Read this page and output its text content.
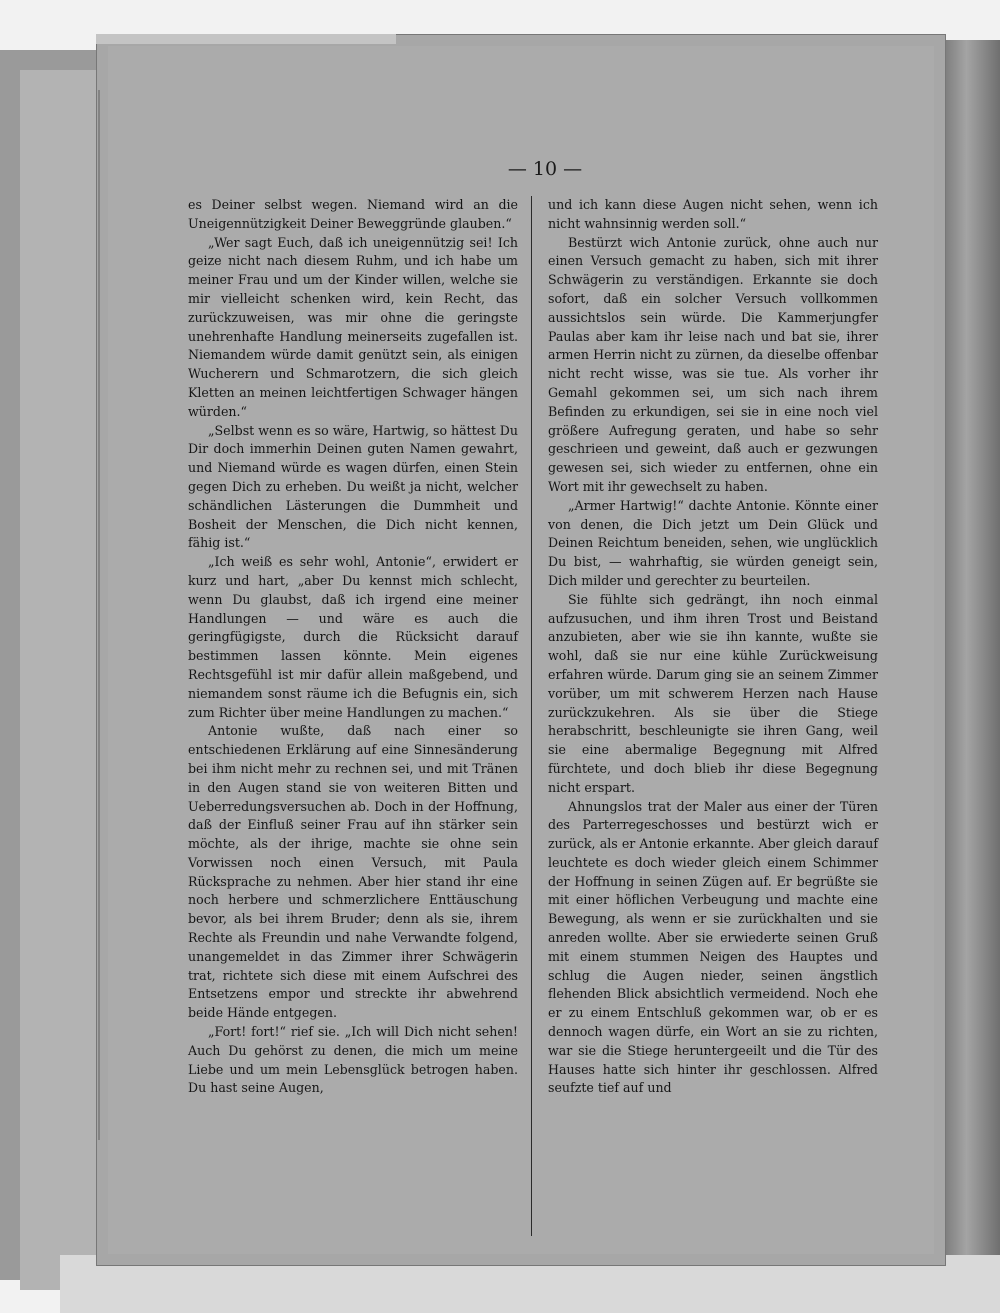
— 10 —

es Deiner selbst wegen. Niemand wird an die Uneigennützigkeit Deiner Beweggründe glauben.“

„Wer sagt Euch, daß ich uneigennützig sei! Ich geize nicht nach diesem Ruhm, und ich habe um meiner Frau und um der Kinder willen, welche sie mir vielleicht schenken wird, kein Recht, das zurückzuweisen, was mir ohne die geringste unehrenhafte Handlung meinerseits zugefallen ist. Niemandem würde damit genützt sein, als einigen Wucherern und Schmarotzern, die sich gleich Kletten an meinen leichtfertigen Schwager hängen würden.“

„Selbst wenn es so wäre, Hartwig, so hättest Du Dir doch immerhin Deinen guten Namen gewahrt, und Niemand würde es wagen dürfen, einen Stein gegen Dich zu erheben. Du weißt ja nicht, welcher schändlichen Lästerungen die Dummheit und Bosheit der Menschen, die Dich nicht kennen, fähig ist.“

„Ich weiß es sehr wohl, Antonie“, erwidert er kurz und hart, „aber Du kennst mich schlecht, wenn Du glaubst, daß ich irgend eine meiner Handlungen — und wäre es auch die geringfügigste, durch die Rücksicht darauf bestimmen lassen könnte. Mein eigenes Rechtsgefühl ist mir dafür allein maßgebend, und niemandem sonst räume ich die Befugnis ein, sich zum Richter über meine Handlungen zu machen.“

Antonie wußte, daß nach einer so entschiedenen Erklärung auf eine Sinnesänderung bei ihm nicht mehr zu rechnen sei, und mit Tränen in den Augen stand sie von weiteren Bitten und Ueberredungsversuchen ab. Doch in der Hoffnung, daß der Einfluß seiner Frau auf ihn stärker sein möchte, als der ihrige, machte sie ohne sein Vorwissen noch einen Versuch, mit Paula Rücksprache zu nehmen. Aber hier stand ihr eine noch herbere und schmerzlichere Enttäuschung bevor, als bei ihrem Bruder; denn als sie, ihrem Rechte als Freundin und nahe Verwandte folgend, unangemeldet in das Zimmer ihrer Schwägerin trat, richtete sich diese mit einem Aufschrei des Entsetzens empor und streckte ihr abwehrend beide Hände entgegen.

„Fort! fort!“ rief sie. „Ich will Dich nicht sehen! Auch Du gehörst zu denen, die mich um meine Liebe und um mein Lebensglück betrogen haben. Du hast seine Augen,

und ich kann diese Augen nicht sehen, wenn ich nicht wahnsinnig werden soll.“

Bestürzt wich Antonie zurück, ohne auch nur einen Versuch gemacht zu haben, sich mit ihrer Schwägerin zu verständigen. Erkannte sie doch sofort, daß ein solcher Versuch vollkommen aussichtslos sein würde. Die Kammerjungfer Paulas aber kam ihr leise nach und bat sie, ihrer armen Herrin nicht zu zürnen, da dieselbe offenbar nicht recht wisse, was sie tue. Als vorher ihr Gemahl gekommen sei, um sich nach ihrem Befinden zu erkundigen, sei sie in eine noch viel größere Aufregung geraten, und habe so sehr geschrieen und geweint, daß auch er gezwungen gewesen sei, sich wieder zu entfernen, ohne ein Wort mit ihr gewechselt zu haben.

„Armer Hartwig!“ dachte Antonie. Könnte einer von denen, die Dich jetzt um Dein Glück und Deinen Reichtum beneiden, sehen, wie unglücklich Du bist, — wahrhaftig, sie würden geneigt sein, Dich milder und gerechter zu beurteilen.

Sie fühlte sich gedrängt, ihn noch einmal aufzusuchen, und ihm ihren Trost und Beistand anzubieten, aber wie sie ihn kannte, wußte sie wohl, daß sie nur eine kühle Zurückweisung erfahren würde. Darum ging sie an seinem Zimmer vorüber, um mit schwerem Herzen nach Hause zurückzukehren. Als sie über die Stiege herabschritt, beschleunigte sie ihren Gang, weil sie eine abermalige Begegnung mit Alfred fürchtete, und doch blieb ihr diese Begegnung nicht erspart.

Ahnungslos trat der Maler aus einer der Türen des Parterregeschosses und bestürzt wich er zurück, als er Antonie erkannte. Aber gleich darauf leuchtete es doch wieder gleich einem Schimmer der Hoffnung in seinen Zügen auf. Er begrüßte sie mit einer höflichen Verbeugung und machte eine Bewegung, als wenn er sie zurückhalten und sie anreden wollte. Aber sie erwiederte seinen Gruß mit einem stummen Neigen des Hauptes und schlug die Augen nieder, seinen ängstlich flehenden Blick absichtlich vermeidend. Noch ehe er zu einem Entschluß gekommen war, ob er es dennoch wagen dürfe, ein Wort an sie zu richten, war sie die Stiege heruntergeeilt und die Tür des Hauses hatte sich hinter ihr geschlossen. Alfred seufzte tief auf und
